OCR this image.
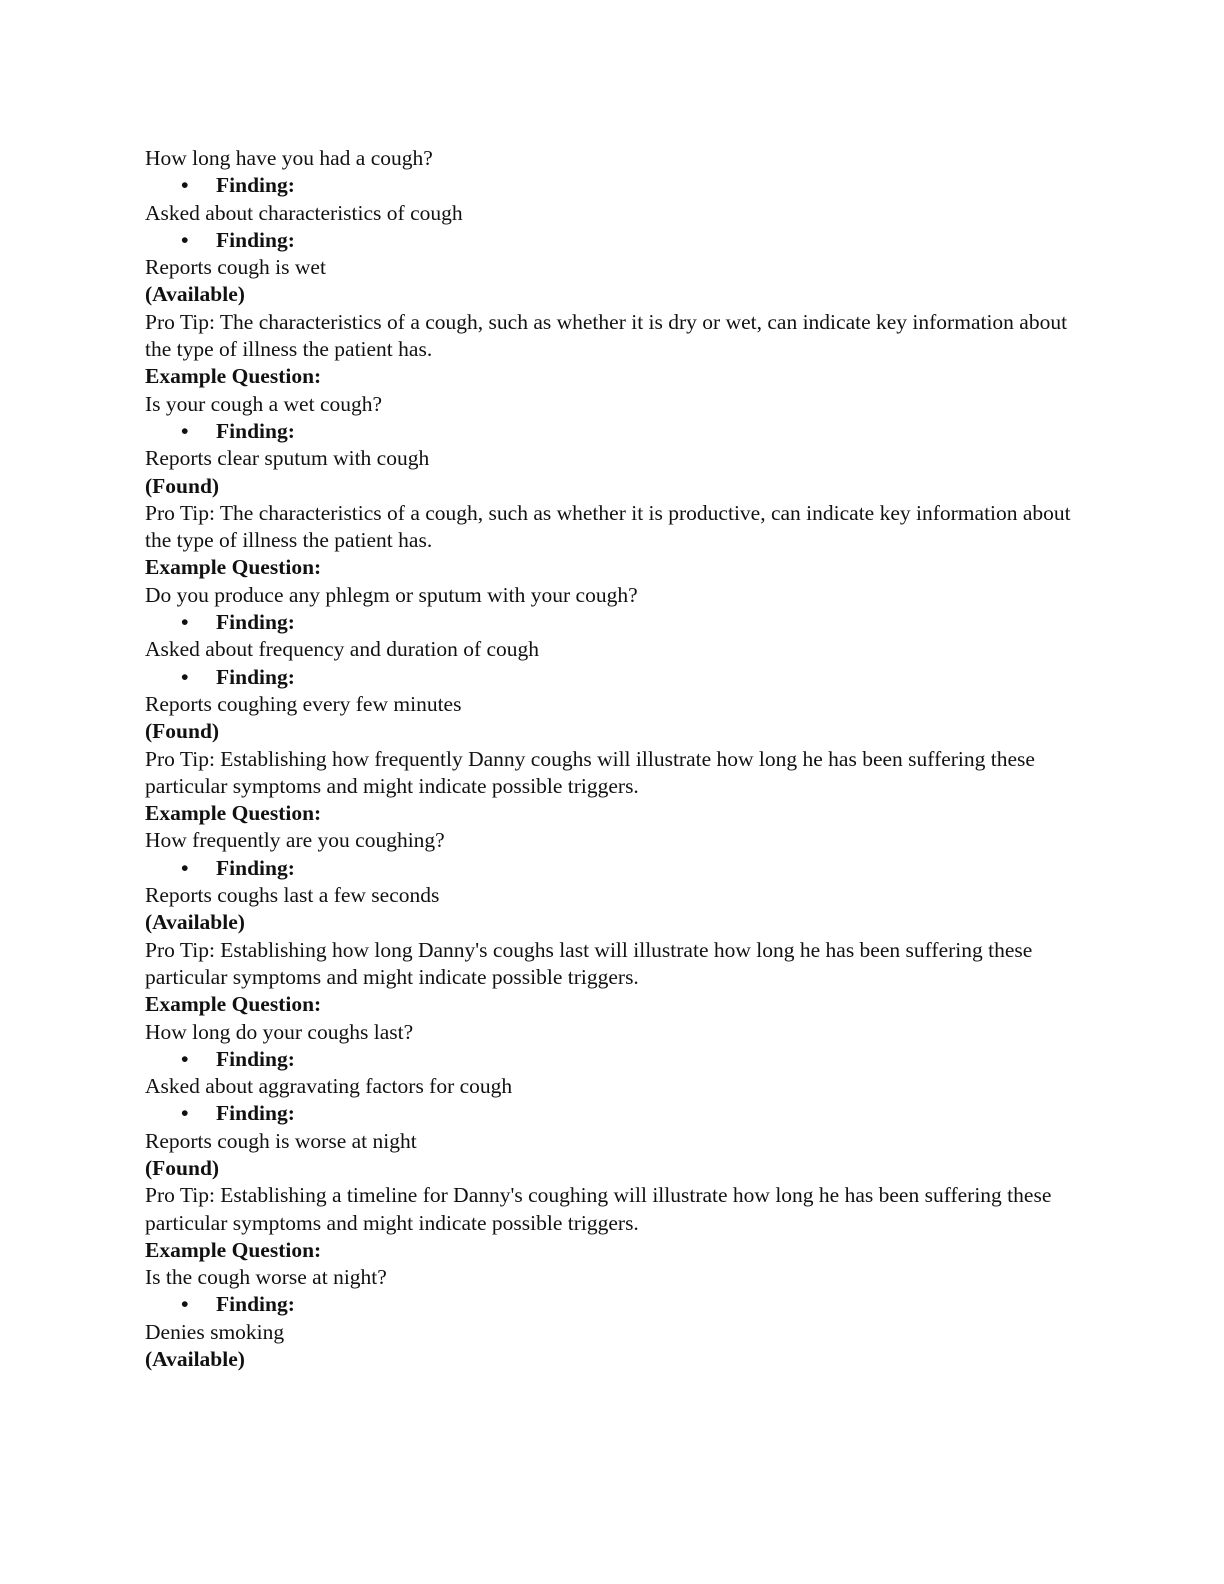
How long have you had a cough?
• Finding:
Asked about characteristics of cough
• Finding:
Reports cough is wet
(Available)
Pro Tip: The characteristics of a cough, such as whether it is dry or wet, can indicate key information about the type of illness the patient has.
Example Question:
Is your cough a wet cough?
• Finding:
Reports clear sputum with cough
(Found)
Pro Tip: The characteristics of a cough, such as whether it is productive, can indicate key information about the type of illness the patient has.
Example Question:
Do you produce any phlegm or sputum with your cough?
• Finding:
Asked about frequency and duration of cough
• Finding:
Reports coughing every few minutes
(Found)
Pro Tip: Establishing how frequently Danny coughs will illustrate how long he has been suffering these particular symptoms and might indicate possible triggers.
Example Question:
How frequently are you coughing?
• Finding:
Reports coughs last a few seconds
(Available)
Pro Tip: Establishing how long Danny's coughs last will illustrate how long he has been suffering these particular symptoms and might indicate possible triggers.
Example Question:
How long do your coughs last?
• Finding:
Asked about aggravating factors for cough
• Finding:
Reports cough is worse at night
(Found)
Pro Tip: Establishing a timeline for Danny's coughing will illustrate how long he has been suffering these particular symptoms and might indicate possible triggers.
Example Question:
Is the cough worse at night?
• Finding:
Denies smoking
(Available)
